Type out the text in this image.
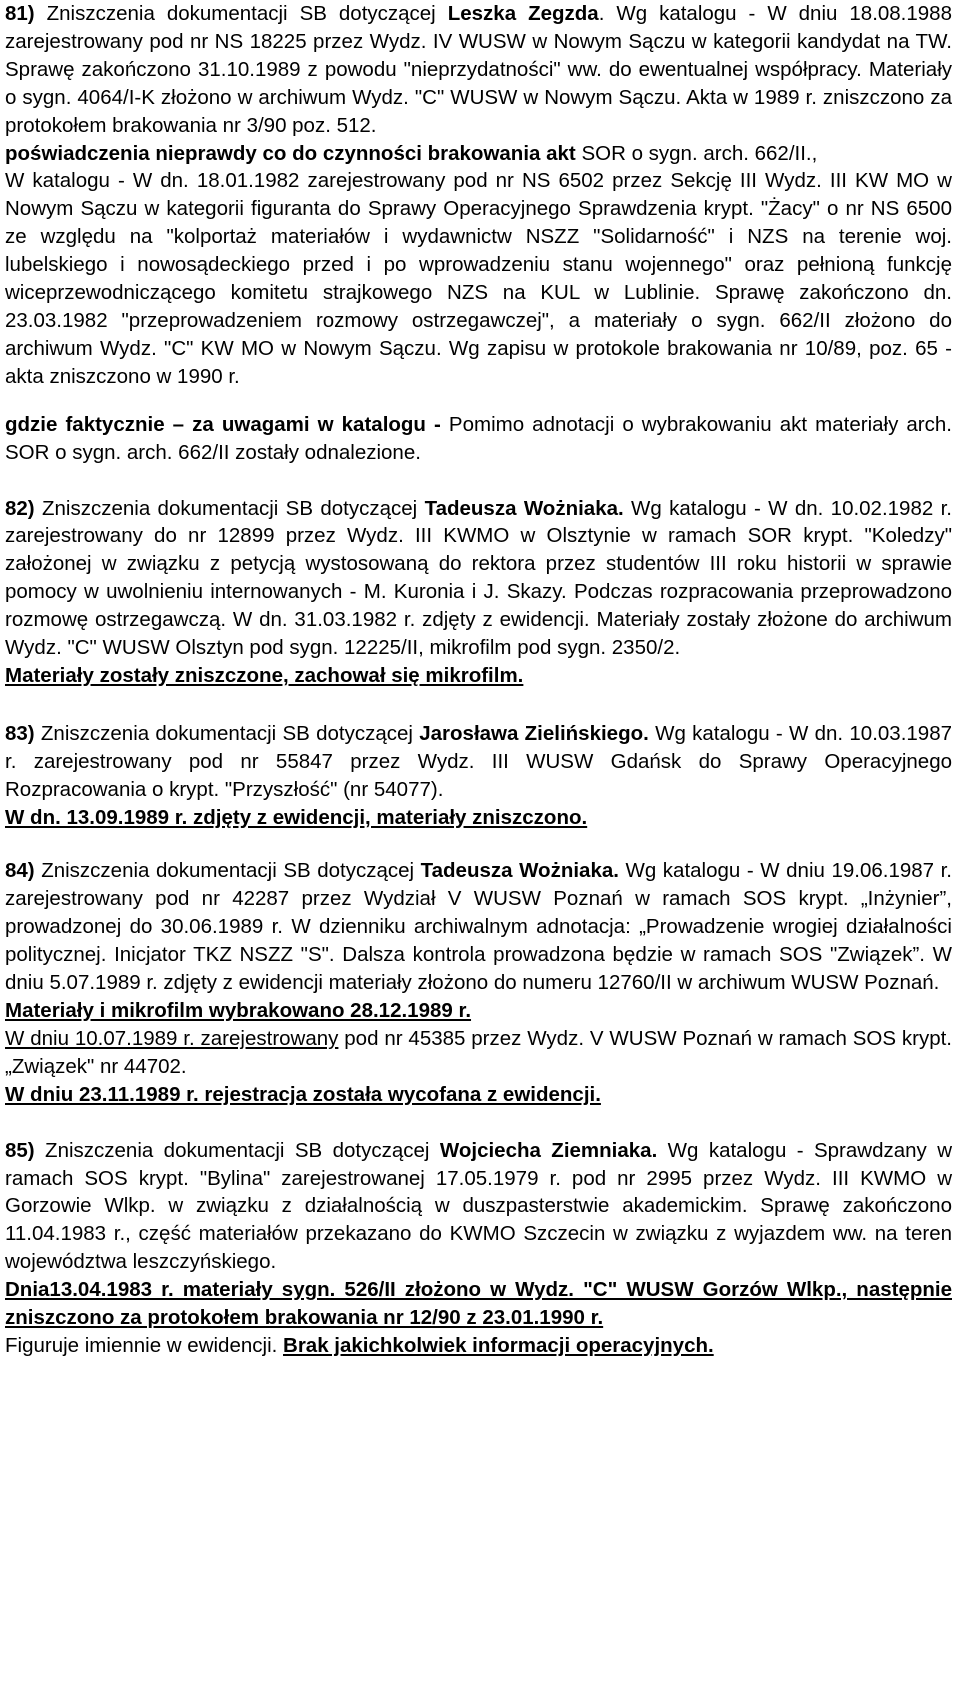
81) Zniszczenia dokumentacji SB dotyczącej Leszka Zegzda. Wg katalogu - W dniu 18.08.1988 zarejestrowany pod nr NS 18225 przez Wydz. IV WUSW w Nowym Sączu w kategorii kandydat na TW. Sprawę zakończono 31.10.1989 z powodu "nieprzydatności" ww. do ewentualnej współpracy. Materiały o sygn. 4064/I-K złożono w archiwum Wydz. "C" WUSW w Nowym Sączu. Akta w 1989 r. zniszczono za protokołem brakowania nr 3/90 poz. 512.
poświadczenia nieprawdy co do czynności brakowania akt SOR o sygn. arch. 662/II.,

W katalogu - W dn. 18.01.1982 zarejestrowany pod nr NS 6502 przez Sekcję III Wydz. III KW MO w Nowym Sączu w kategorii figuranta do Sprawy Operacyjnego Sprawdzenia krypt. "Żacy" o nr NS 6500 ze względu na "kolportaż materiałów i wydawnictw NSZZ "Solidarność" i NZS na terenie woj. lubelskiego i nowosądeckiego przed i po wprowadzeniu stanu wojennego" oraz pełnioną funkcję wiceprzewodniczącego komitetu strajkowego NZS na KUL w Lublinie. Sprawę zakończono dn. 23.03.1982 "przeprowadzeniem rozmowy ostrzegawczej", a materiały o sygn. 662/II złożono do archiwum Wydz. "C" KW MO w Nowym Sączu. Wg zapisu w protokole brakowania nr 10/89, poz. 65 - akta zniszczono w 1990 r.

gdzie faktycznie – za uwagami w katalogu - Pomimo adnotacji o wybrakowaniu akt materiały arch. SOR o sygn. arch. 662/II zostały odnalezione.

82) Zniszczenia dokumentacji SB dotyczącej Tadeusza Wożniaka. Wg katalogu - W dn. 10.02.1982 r. zarejestrowany do nr 12899 przez Wydz. III KWMO w Olsztynie w ramach SOR krypt. "Koledzy" założonej w związku z petycją wystosowaną do rektora przez studentów III roku historii w sprawie pomocy w uwolnieniu internowanych - M. Kuronia i J. Skazy. Podczas rozpracowania przeprowadzono rozmowę ostrzegawczą. W dn. 31.03.1982 r. zdjęty z ewidencji. Materiały zostały złożone do archiwum Wydz. "C" WUSW Olsztyn pod sygn. 12225/II, mikrofilm pod sygn. 2350/2.

Materiały zostały zniszczone, zachował się mikrofilm.

83) Zniszczenia dokumentacji SB dotyczącej Jarosława Zielińskiego. Wg katalogu - W dn. 10.03.1987 r. zarejestrowany pod nr 55847 przez Wydz. III WUSW Gdańsk do Sprawy Operacyjnego Rozpracowania o krypt. "Przyszłość" (nr 54077).

W dn. 13.09.1989 r. zdjęty z ewidencji, materiały zniszczono.

84) Zniszczenia dokumentacji SB dotyczącej Tadeusza Wożniaka. Wg katalogu - W dniu 19.06.1987 r. zarejestrowany pod nr 42287 przez Wydział V WUSW Poznań w ramach SOS krypt. „Inżynier”, prowadzonej do 30.06.1989 r. W dzienniku archiwalnym adnotacja: „Prowadzenie wrogiej działalności politycznej. Inicjator TKZ NSZZ "S". Dalsza kontrola prowadzona będzie w ramach SOS "Związek”. W dniu 5.07.1989 r. zdjęty z ewidencji materiały złożono do numeru 12760/II w archiwum WUSW Poznań.

Materiały i mikrofilm wybrakowano 28.12.1989 r.

W dniu 10.07.1989 r. zarejestrowany pod nr 45385 przez Wydz. V WUSW Poznań w ramach SOS krypt. „Związek" nr 44702.

W dniu 23.11.1989 r. rejestracja została wycofana z ewidencji.

85) Zniszczenia dokumentacji SB dotyczącej Wojciecha Ziemniaka. Wg katalogu - Sprawdzany w ramach SOS krypt. "Bylina" zarejestrowanej 17.05.1979 r. pod nr 2995 przez Wydz. III KWMO w Gorzowie Wlkp. w związku z działalnością w duszpasterstwie akademickim. Sprawę zakończono 11.04.1983 r., część materiałów przekazano do KWMO Szczecin w związku z wyjazdem ww. na teren województwa leszczyńskiego.

Dnia13.04.1983 r. materiały sygn. 526/II złożono w Wydz. "C" WUSW Gorzów Wlkp., następnie zniszczono za protokołem brakowania nr 12/90 z 23.01.1990 r.

Figuruje imiennie w ewidencji. Brak jakichkolwiek informacji operacyjnych.
